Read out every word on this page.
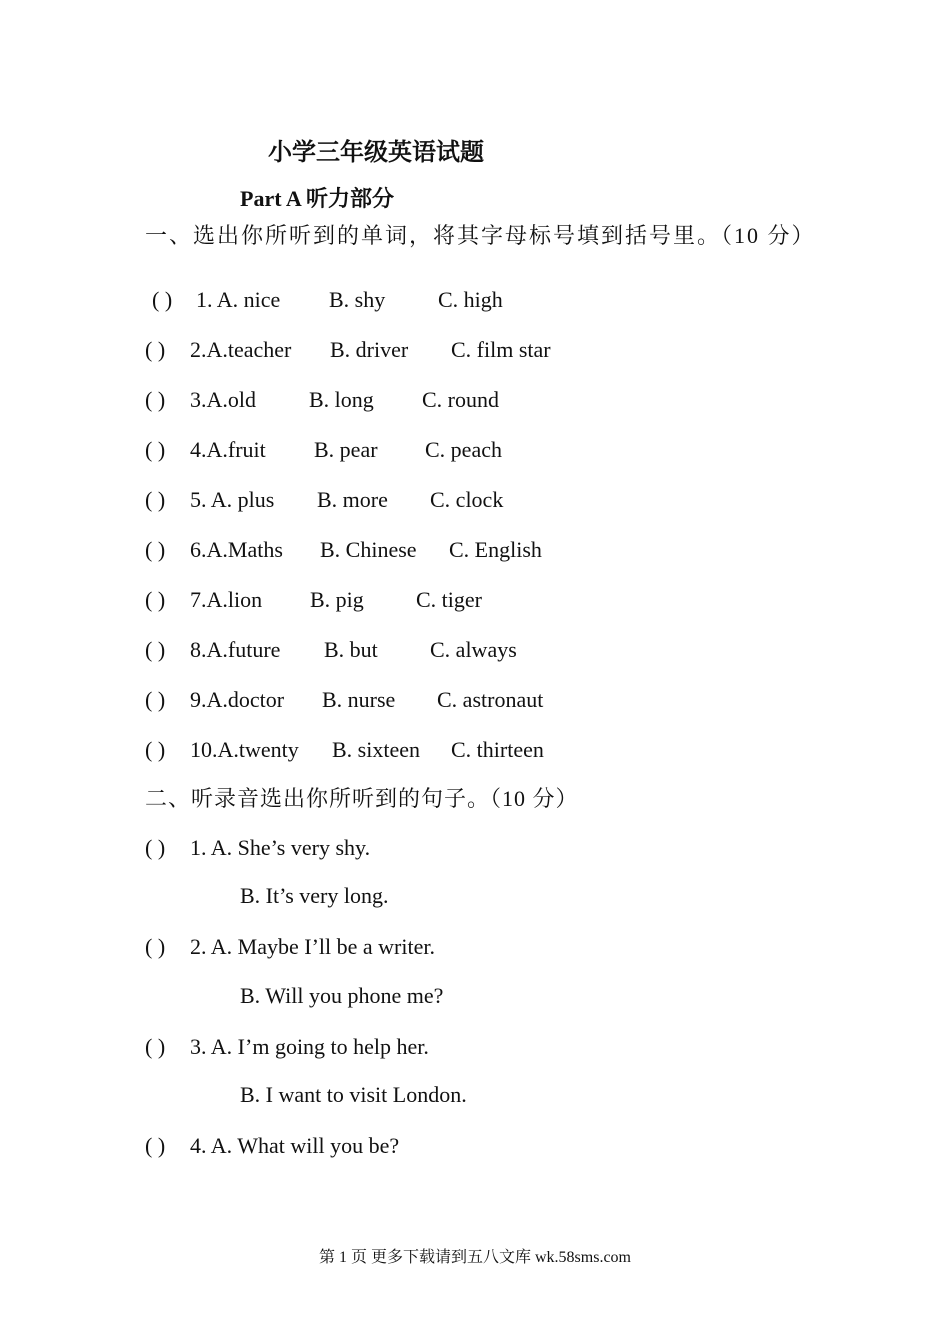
小学三年级英语试题
Part A 听力部分
一、选出你所听到的单词，将其字母标号填到括号里。（10 分）
( ) 1. A. nice B. shy C. high
( ) 2.A.teacher B. driver C. film star
( ) 3.A.old B. long C. round
( ) 4.A.fruit B. pear C. peach
( ) 5. A. plus B. more C. clock
( ) 6.A.Maths B. Chinese C. English
( ) 7.A.lion B. pig C. tiger
( ) 8.A.future B. but C. always
( ) 9.A.doctor B. nurse C. astronaut
( ) 10.A.twenty B. sixteen C. thirteen
二、听录音选出你所听到的句子。（10 分）
( ) 1. A. She’s very shy.
B. It’s very long.
( ) 2. A. Maybe I’ll be a writer.
B. Will you phone me?
( ) 3. A. I’m going to help her.
B. I want to visit London.
( ) 4. A. What will you be?
第 1 页 更多下载请到五八文库 wk.58sms.com
